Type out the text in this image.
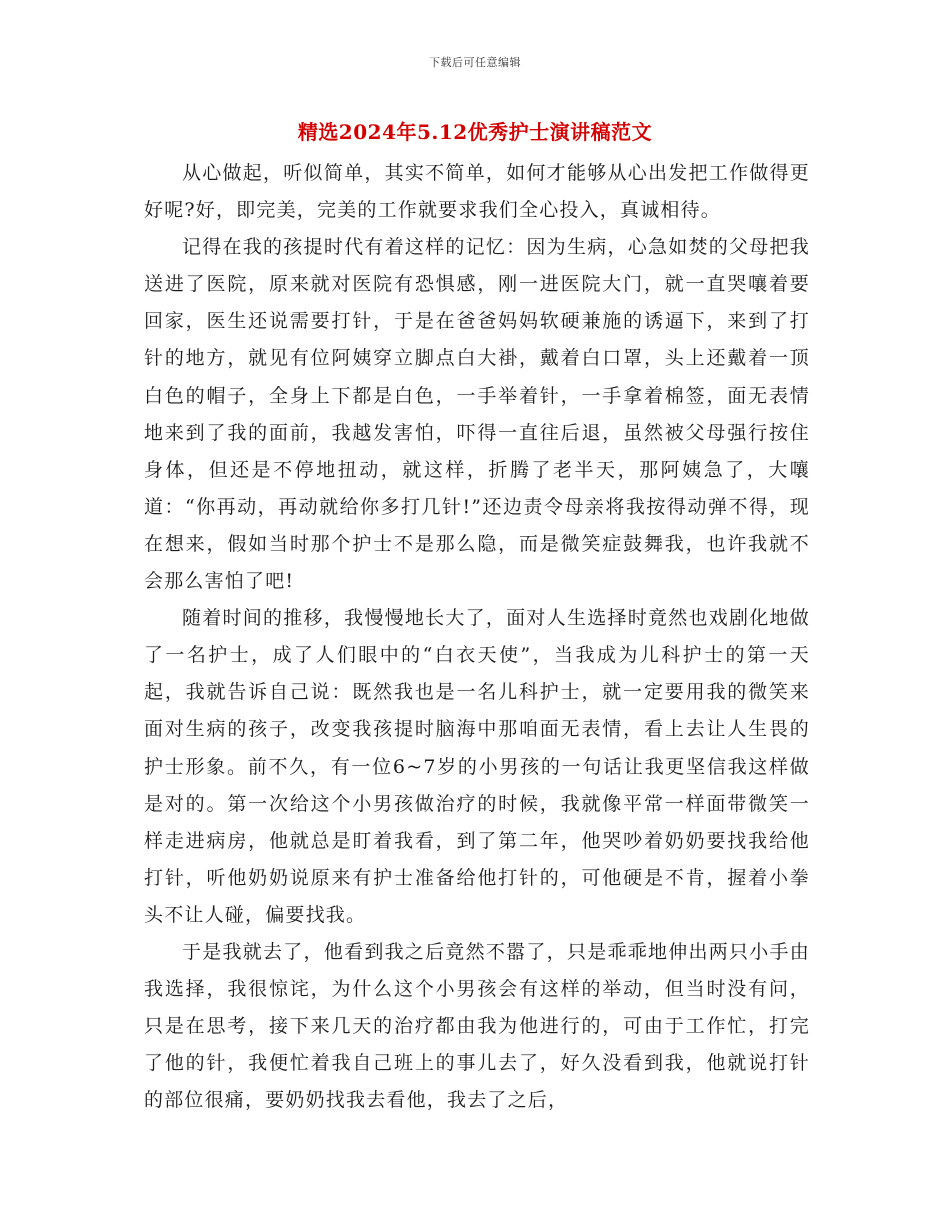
下载后可任意编辑
精选2024年5.12优秀护士演讲稿范文

从心做起，听似简单，其实不简单，如何才能够从心出发把工作做得更好呢?好，即完美，完美的工作就要求我们全心投入，真诚相待。

记得在我的孩提时代有着这样的记忆：因为生病，心急如焚的父母把我送进了医院，原来就对医院有恐惧感，刚一进医院大门，就一直哭嚷着要回家，医生还说需要打针，于是在爸爸妈妈软硬兼施的诱逼下，来到了打针的地方，就见有位阿姨穿立脚点白大褂，戴着白口罩，头上还戴着一顶白色的帽子，全身上下都是白色，一手举着针，一手拿着棉签，面无表情地来到了我的面前，我越发害怕，吓得一直往后退，虽然被父母强行按住身体，但还是不停地扭动，就这样，折腾了老半天，那阿姨急了，大嚷道：“你再动，再动就给你多打几针!”还边责令母亲将我按得动弹不得，现在想来，假如当时那个护士不是那么隐，而是微笑症鼓舞我，也许我就不会那么害怕了吧!

随着时间的推移，我慢慢地长大了，面对人生选择时竟然也戏剧化地做了一名护士，成了人们眼中的“白衣天使”，当我成为儿科护士的第一天起，我就告诉自己说：既然我也是一名儿科护士，就一定要用我的微笑来面对生病的孩子，改变我孩提时脑海中那咱面无表情，看上去让人生畏的护士形象。前不久，有一位6~7岁的小男孩的一句话让我更坚信我这样做是对的。第一次给这个小男孩做治疗的时候，我就像平常一样面带微笑一样走进病房，他就总是盯着我看，到了第二年，他哭吵着奶奶要找我给他打针，听他奶奶说原来有护士准备给他打针的，可他硬是不肯，握着小拳头不让人碰，偏要找我。

于是我就去了，他看到我之后竟然不嚣了，只是乖乖地伸出两只小手由我选择，我很惊诧，为什么这个小男孩会有这样的举动，但当时没有问，只是在思考，接下来几天的治疗都由我为他进行的，可由于工作忙，打完了他的针，我便忙着我自己班上的事儿去了，好久没看到我，他就说打针的部位很痛，要奶奶找我去看他，我去了之后，
